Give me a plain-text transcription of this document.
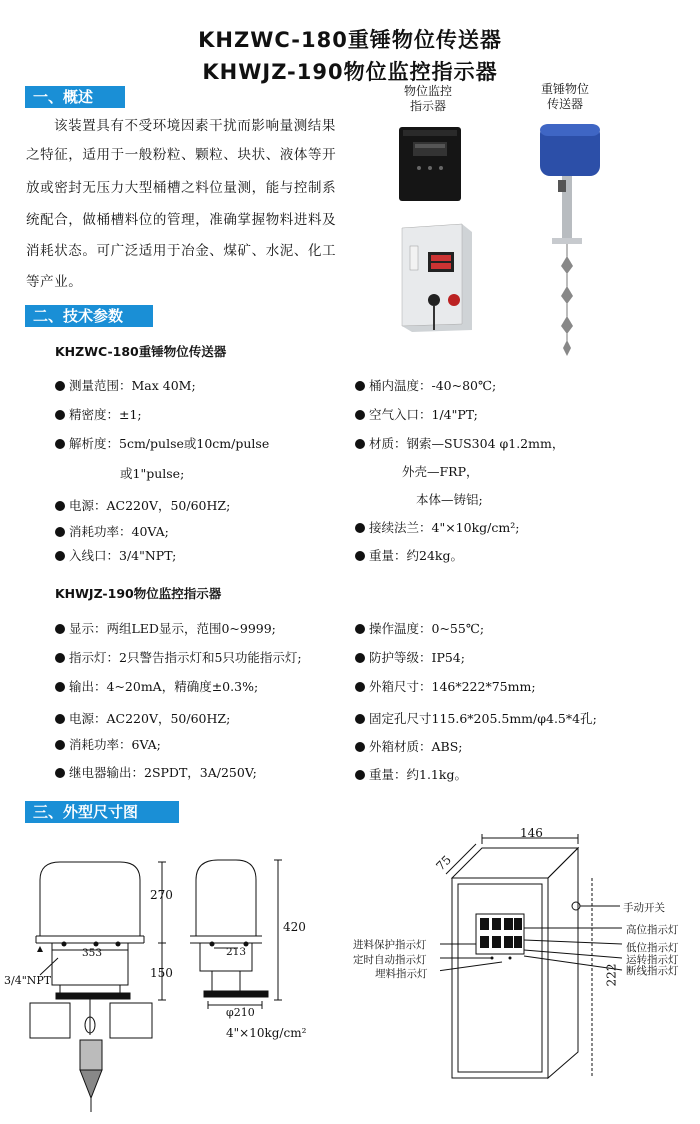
KHZWC-180重锤物位传送器
KHWJZ-190物位监控指示器
一、概述
该装置具有不受环境因素干扰而影响量测结果
之特征，适用于一般粉粒、颗粒、块状、液体等开
放或密封无压力大型桶槽之料位量测，能与控制系
统配合，做桶槽料位的管理，准确掌握物料进料及
消耗状态。可广泛适用于冶金、煤矿、水泥、化工
等产业。
物位监控
指示器
重锤物位
传送器
二、技术参数
KHZWC-180重锤物位传送器
测量范围：Max 40M;
精密度：±1;
解析度：5cm/pulse或10cm/pulse
或1"pulse;
电源：AC220V，50/60HZ;
消耗功率：40VA;
入线口：3/4"NPT;
桶内温度：-40~80℃;
空气入口：1/4"PT;
材质：钢索—SUS304 φ1.2mm，
外壳—FRP，
本体—铸铝;
接续法兰：4"×10kg/cm²;
重量：约24kg。
KHWJZ-190物位监控指示器
显示：两组LED显示，范围0~9999;
指示灯：2只警告指示灯和5只功能指示灯;
输出：4~20mA，精确度±0.3%;
电源：AC220V，50/60HZ;
消耗功率：6VA;
继电器输出：2SPDT，3A/250V;
操作温度：0~55℃;
防护等级：IP54;
外箱尺寸：146*222*75mm;
固定孔尺寸115.6*205.5mm/φ4.5*4孔;
外箱材质：ABS;
重量：约1.1kg。
三、外型尺寸图
270
150
353
3/4"NPT
420
213
φ210
4"×10kg/cm²
146
75
222
手动开关
高位指示灯
低位指示灯
运转指示灯
断线指示灯
进料保护指示灯
定时自动指示灯
埋料指示灯
